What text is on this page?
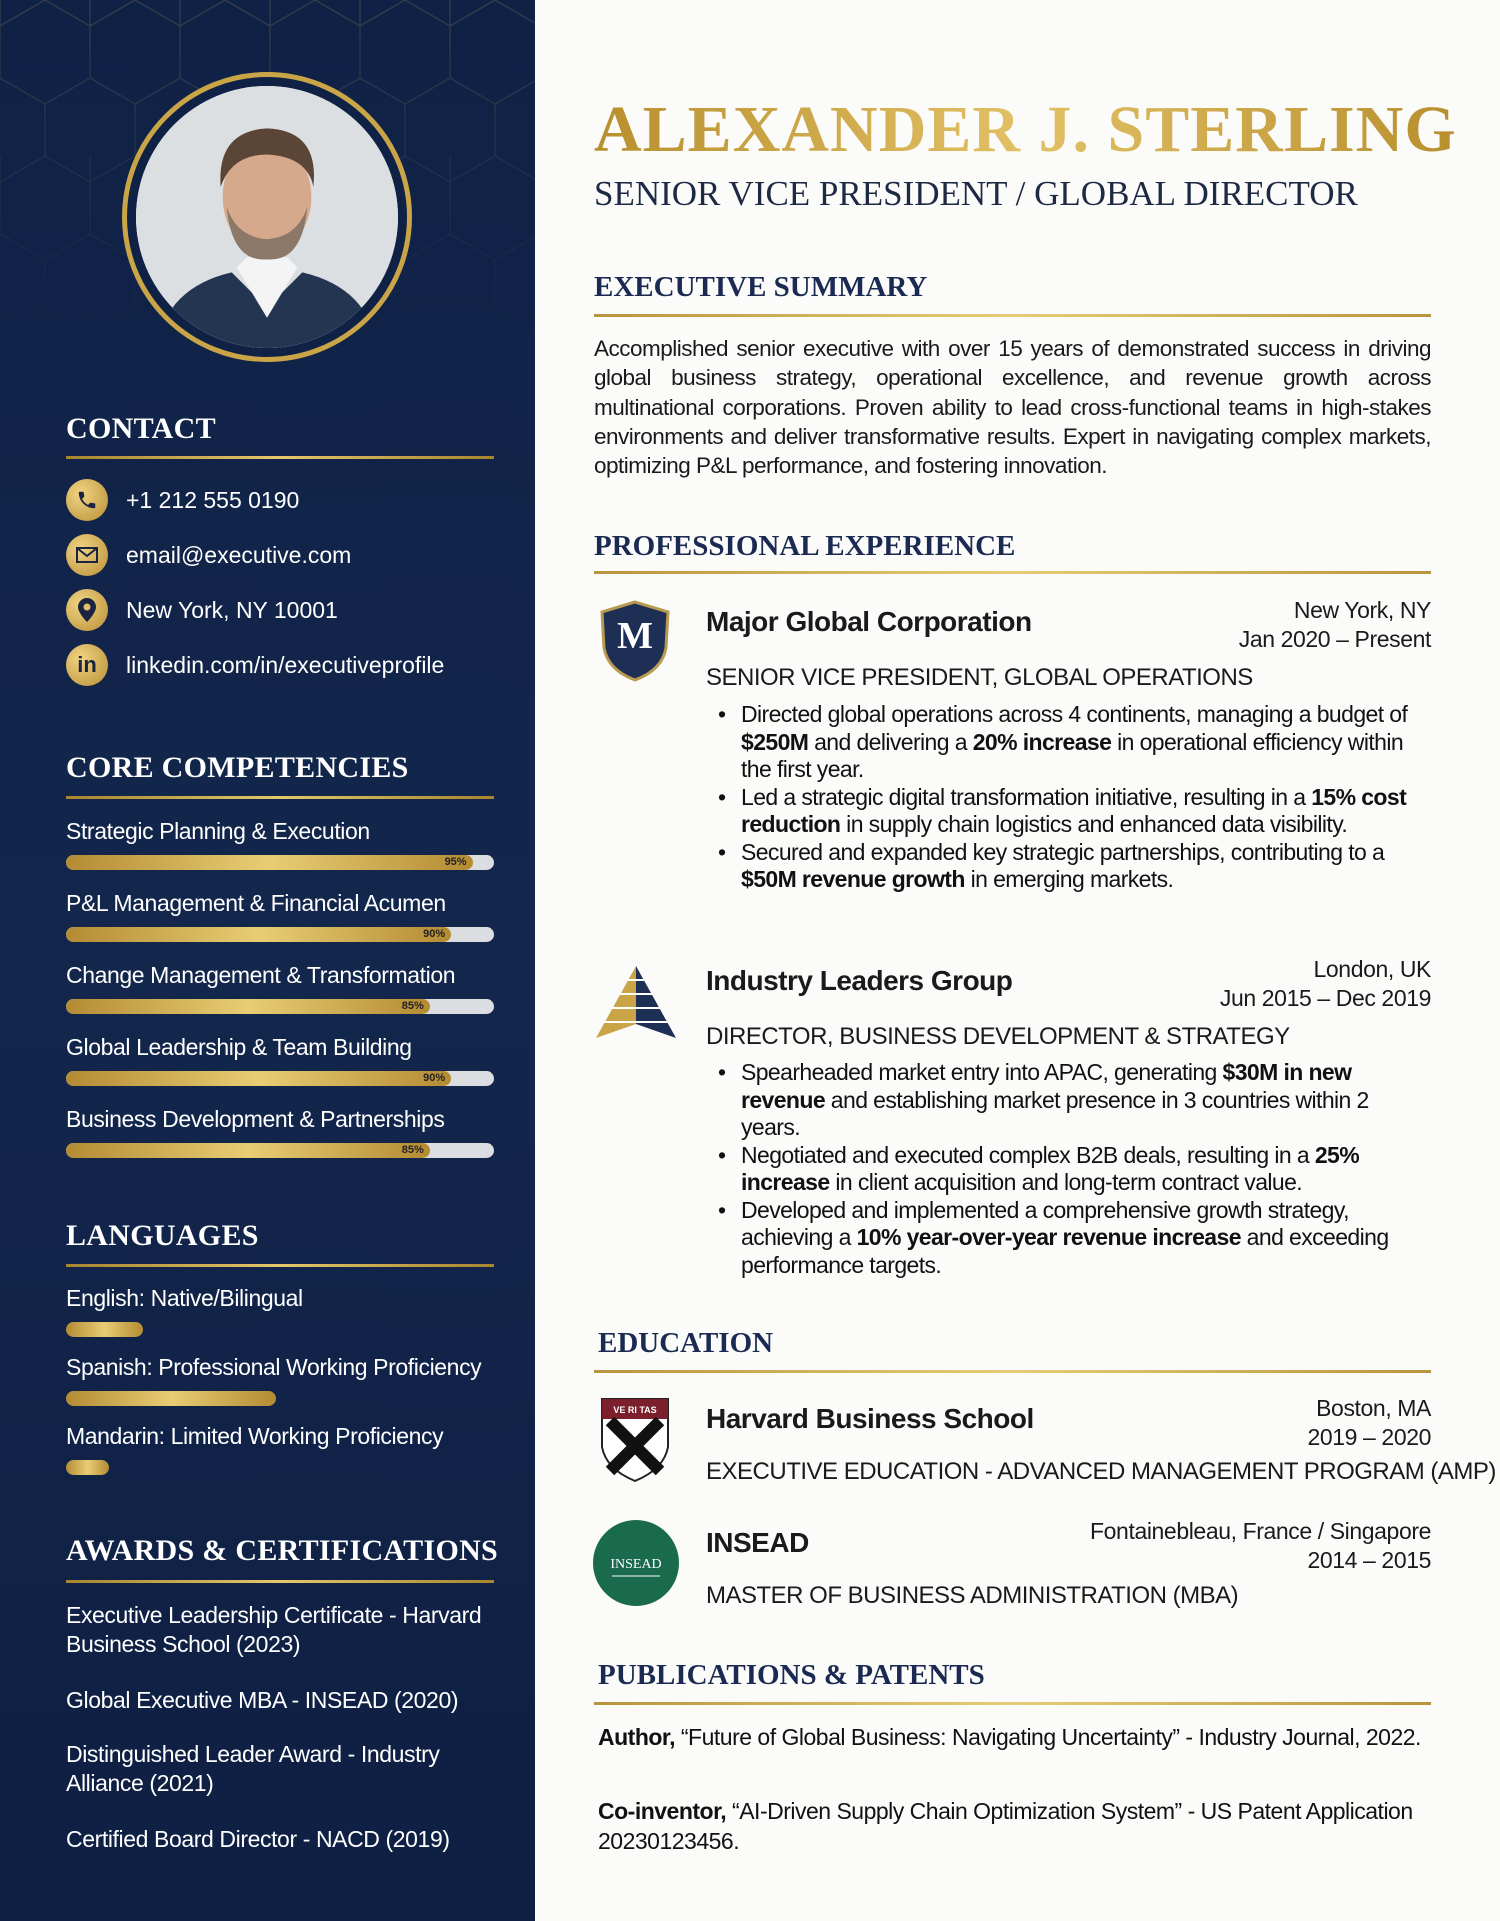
CONTACT
+1 212 555 0190
email@executive.com
New York, NY 10001
in linkedin.com/in/executiveprofile
CORE COMPETENCIES
Strategic Planning & Execution
95%
P&L Management & Financial Acumen
90%
Change Management & Transformation
85%
Global Leadership & Team Building
90%
Business Development & Partnerships
85%
LANGUAGES
English: Native/Bilingual
Spanish: Professional Working Proficiency
Mandarin: Limited Working Proficiency
AWARDS & CERTIFICATIONS
Executive Leadership Certificate - Harvard Business School (2023)
Global Executive MBA - INSEAD (2020)
Distinguished Leader Award - Industry Alliance (2021)
Certified Board Director - NACD (2019)
ALEXANDER J. STERLING
SENIOR VICE PRESIDENT / GLOBAL DIRECTOR
EXECUTIVE SUMMARY
Accomplished senior executive with over 15 years of demonstrated success in driving global business strategy, operational excellence, and revenue growth across multinational corporations. Proven ability to lead cross-functional teams in high-stakes environments and deliver transformative results. Expert in navigating complex markets, optimizing P&L performance, and fostering innovation.
PROFESSIONAL EXPERIENCE
M Major Global Corporation	New York, NY
Jan 2020 – Present
SENIOR VICE PRESIDENT, GLOBAL OPERATIONS
• Directed global operations across 4 continents, managing a budget of $250M and delivering a 20% increase in operational efficiency within the first year.
• Led a strategic digital transformation initiative, resulting in a 15% cost reduction in supply chain logistics and enhanced data visibility.
• Secured and expanded key strategic partnerships, contributing to a $50M revenue growth in emerging markets.
Industry Leaders Group	London, UK
Jun 2015 – Dec 2019
DIRECTOR, BUSINESS DEVELOPMENT & STRATEGY
• Spearheaded market entry into APAC, generating $30M in new revenue and establishing market presence in 3 countries within 2 years.
• Negotiated and executed complex B2B deals, resulting in a 25% increase in client acquisition and long-term contract value.
• Developed and implemented a comprehensive growth strategy, achieving a 10% year-over-year revenue increase and exceeding performance targets.
EDUCATION
VE RI TAS Harvard Business School	Boston, MA
2019 – 2020
EXECUTIVE EDUCATION - ADVANCED MANAGEMENT PROGRAM (AMP)
INSEAD
INSEAD	Fontainebleau, France / Singapore
2014 – 2015
MASTER OF BUSINESS ADMINISTRATION (MBA)
PUBLICATIONS & PATENTS
Author, “Future of Global Business: Navigating Uncertainty” - Industry Journal, 2022.
Co-inventor, “AI-Driven Supply Chain Optimization System” - US Patent Application 20230123456.
